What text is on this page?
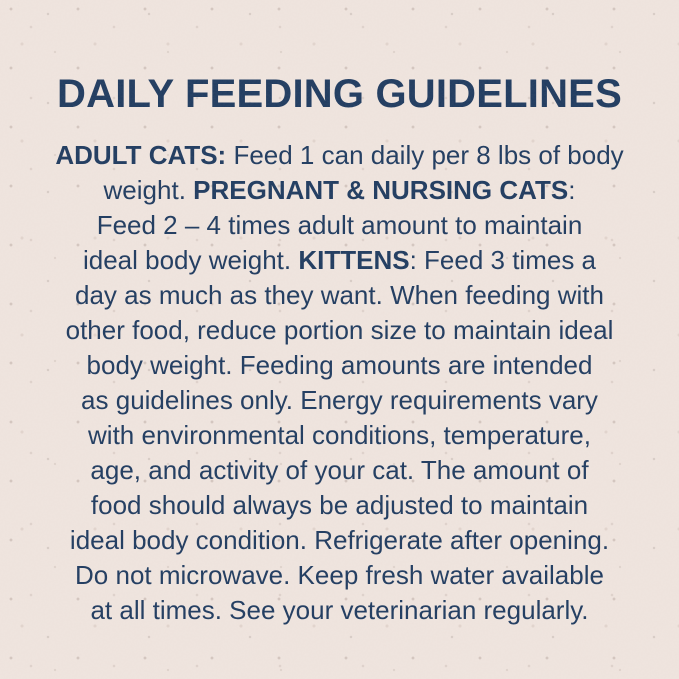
DAILY FEEDING GUIDELINES
ADULT CATS: Feed 1 can daily per 8 lbs of body
weight. PREGNANT & NURSING CATS :
Feed 2 – 4 times adult amount to maintain
ideal body weight. KITTENS : Feed 3 times a
day as much as they want. When feeding with
other food, reduce portion size to maintain ideal
body weight. Feeding amounts are intended
as guidelines only. Energy requirements vary
with environmental conditions, temperature,
age, and activity of your cat. The amount of
food should always be adjusted to maintain
ideal body condition. Refrigerate after opening.
Do not microwave. Keep fresh water available
at all times. See your veterinarian regularly.
